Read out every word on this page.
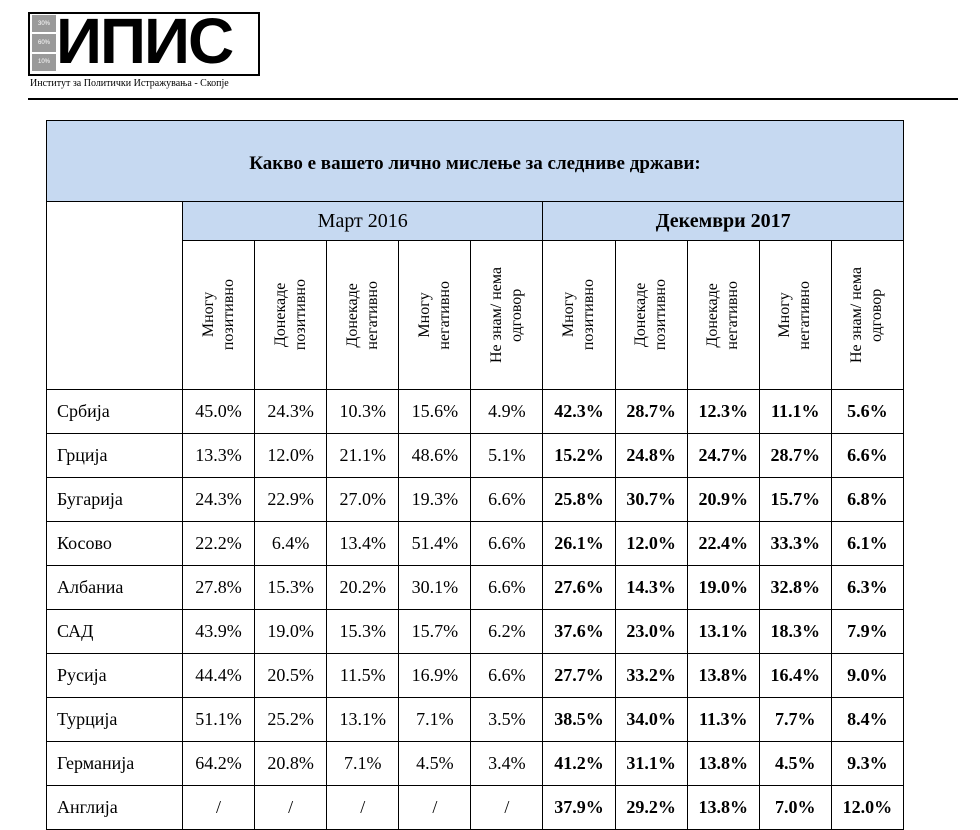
30%
60%
10% ИПИС
Институт за Политички Истражувања - Скопје
Какво е вашето лично мислење за следниве држави:										
	Март 2016					Декември 2017				

	Многу
позитивно	Донекаде
позитивно	Донекаде
негативно	Многу
негативно	Не знам/ нема
одговор	Многу
позитивно	Донекаде
позитивно	Донекаде
негативно	Многу
негативно	Не знам/ нема
одговор

Србија	45.0%	24.3%	10.3%	15.6%	4.9%	42.3%	28.7%	12.3%	11.1%	5.6%
Грција	13.3%	12.0%	21.1%	48.6%	5.1%	15.2%	24.8%	24.7%	28.7%	6.6%
Бугарија	24.3%	22.9%	27.0%	19.3%	6.6%	25.8%	30.7%	20.9%	15.7%	6.8%
Косово	22.2%	6.4%	13.4%	51.4%	6.6%	26.1%	12.0%	22.4%	33.3%	6.1%
Албаниа	27.8%	15.3%	20.2%	30.1%	6.6%	27.6%	14.3%	19.0%	32.8%	6.3%
САД	43.9%	19.0%	15.3%	15.7%	6.2%	37.6%	23.0%	13.1%	18.3%	7.9%
Русија	44.4%	20.5%	11.5%	16.9%	6.6%	27.7%	33.2%	13.8%	16.4%	9.0%
Турција	51.1%	25.2%	13.1%	7.1%	3.5%	38.5%	34.0%	11.3%	7.7%	8.4%
Германија	64.2%	20.8%	7.1%	4.5%	3.4%	41.2%	31.1%	13.8%	4.5%	9.3%
Англија	/	/	/	/	/	37.9%	29.2%	13.8%	7.0%	12.0%
